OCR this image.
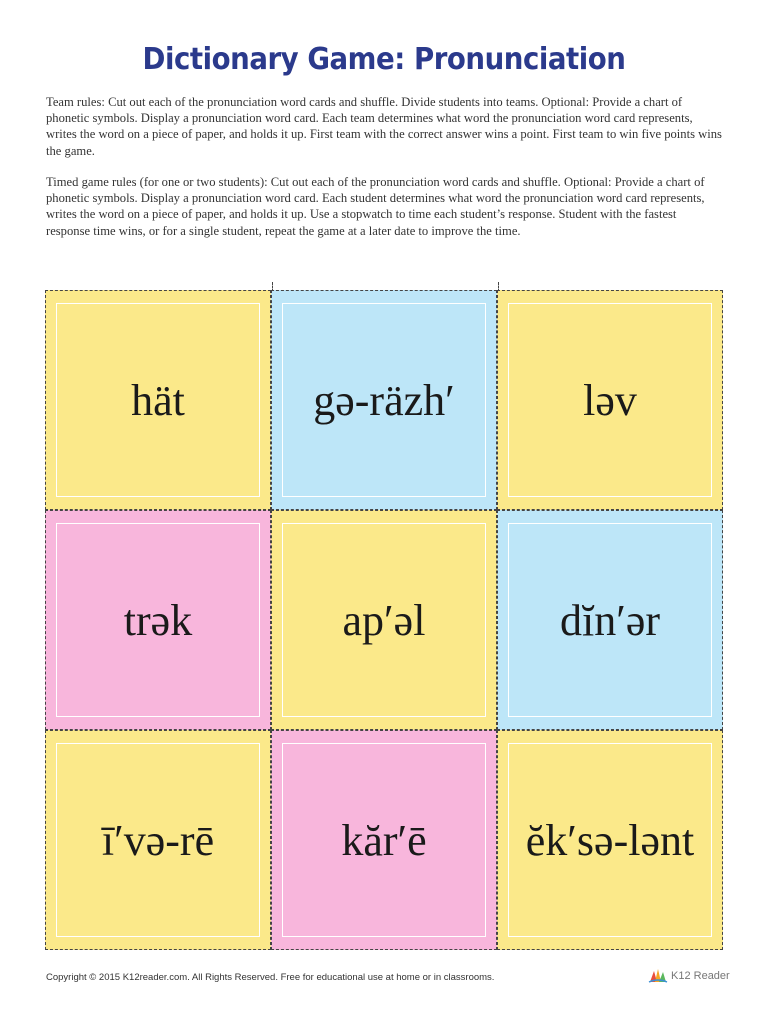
Dictionary Game: Pronunciation

Team rules: Cut out each of the pronunciation word cards and shuffle. Divide students into teams. Optional: Provide a chart of phonetic symbols. Display a pronunciation word card. Each team determines what word the pronunciation word card represents, writes the word on a piece of paper, and holds it up. First team with the correct answer wins a point. First team to win five points wins the game.

Timed game rules (for one or two students): Cut out each of the pronunciation word cards and shuffle. Optional: Provide a chart of phonetic symbols. Display a pronunciation word card. Each student determines what word the pronunciation word card represents, writes the word on a piece of paper, and holds it up. Use a stopwatch to time each student’s response. Student with the fastest response time wins, or for a single student, repeat the game at a later date to improve the time.

hät	gə-räzh′	ləv
trək	ap′əl	dĭn′ər
ī′və-rē	kăr′ē ĕk′sə-lənt
Copyright © 2015 K12reader.com. All Rights Reserved. Free for educational use at home or in classrooms.	K12 Reader
